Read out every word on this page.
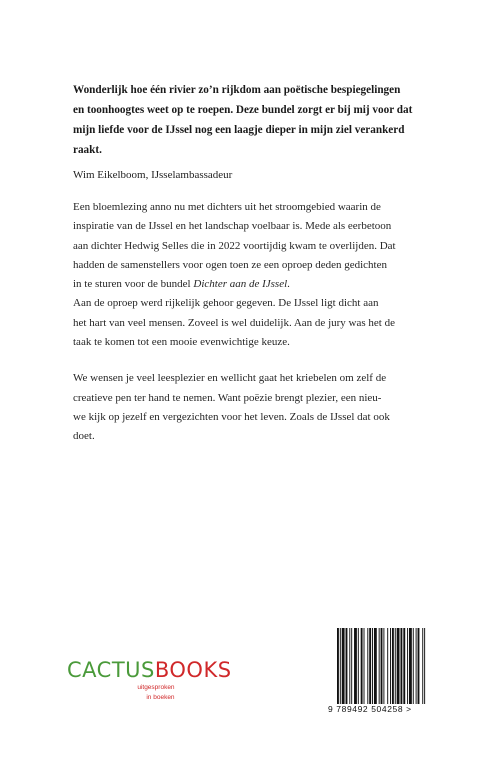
Wonderlijk hoe één rivier zo’n rijkdom aan poëtische bespiegelingen
en toonhoogtes weet op te roepen. Deze bundel zorgt er bij mij voor dat
mijn liefde voor de IJssel nog een laagje dieper in mijn ziel verankerd
raakt.

Wim Eikelboom, IJsselambassadeur

Een bloemlezing anno nu met dichters uit het stroomgebied waarin de
inspiratie van de IJssel en het landschap voelbaar is. Mede als eerbetoon
aan dichter Hedwig Selles die in 2022 voortijdig kwam te overlijden. Dat
hadden de samenstellers voor ogen toen ze een oproep deden gedichten
in te sturen voor de bundel Dichter aan de IJssel.

Aan de oproep werd rijkelijk gehoor gegeven. De IJssel ligt dicht aan
het hart van veel mensen. Zoveel is wel duidelijk. Aan de jury was het de
taak te komen tot een mooie evenwichtige keuze.

We wensen je veel leesplezier en wellicht gaat het kriebelen om zelf de
creatieve pen ter hand te nemen. Want poëzie brengt plezier, een nieu-
we kijk op jezelf en vergezichten voor het leven. Zoals de IJssel dat ook
doet.

CACTUSBOOKS
uitgesproken
in boeken
9 789492 504258 >
